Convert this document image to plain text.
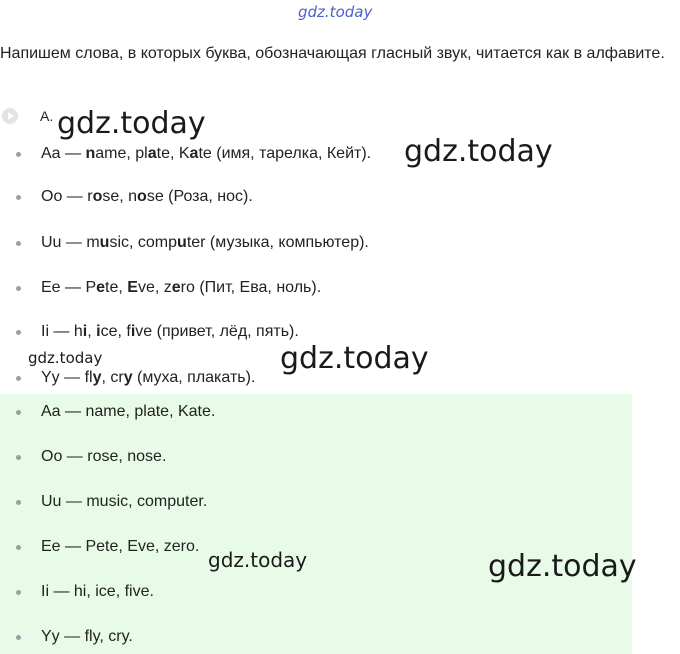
gdz.today
Напишем слова, в которых буква, обозначающая гласный звук, читается как в алфавите.
A.
Aa — name, plate, Kate (имя, тарелка, Кейт).
Oo — rose, nose (Роза, нос).
Uu — music, computer (музыка, компьютер).
Ee — Pete, Eve, zero (Пит, Ева, ноль).
Ii — hi, ice, five (привет, лёд, пять).
Yy — fly, cry (муха, плакать).
Aa — name, plate, Kate.
Oo — rose, nose.
Uu — music, computer.
Ee — Pete, Eve, zero.
Ii — hi, ice, five.
Yy — fly, cry.
gdz.today
gdz.today
gdz.today	gdz.today
gdz.today	gdz.today
